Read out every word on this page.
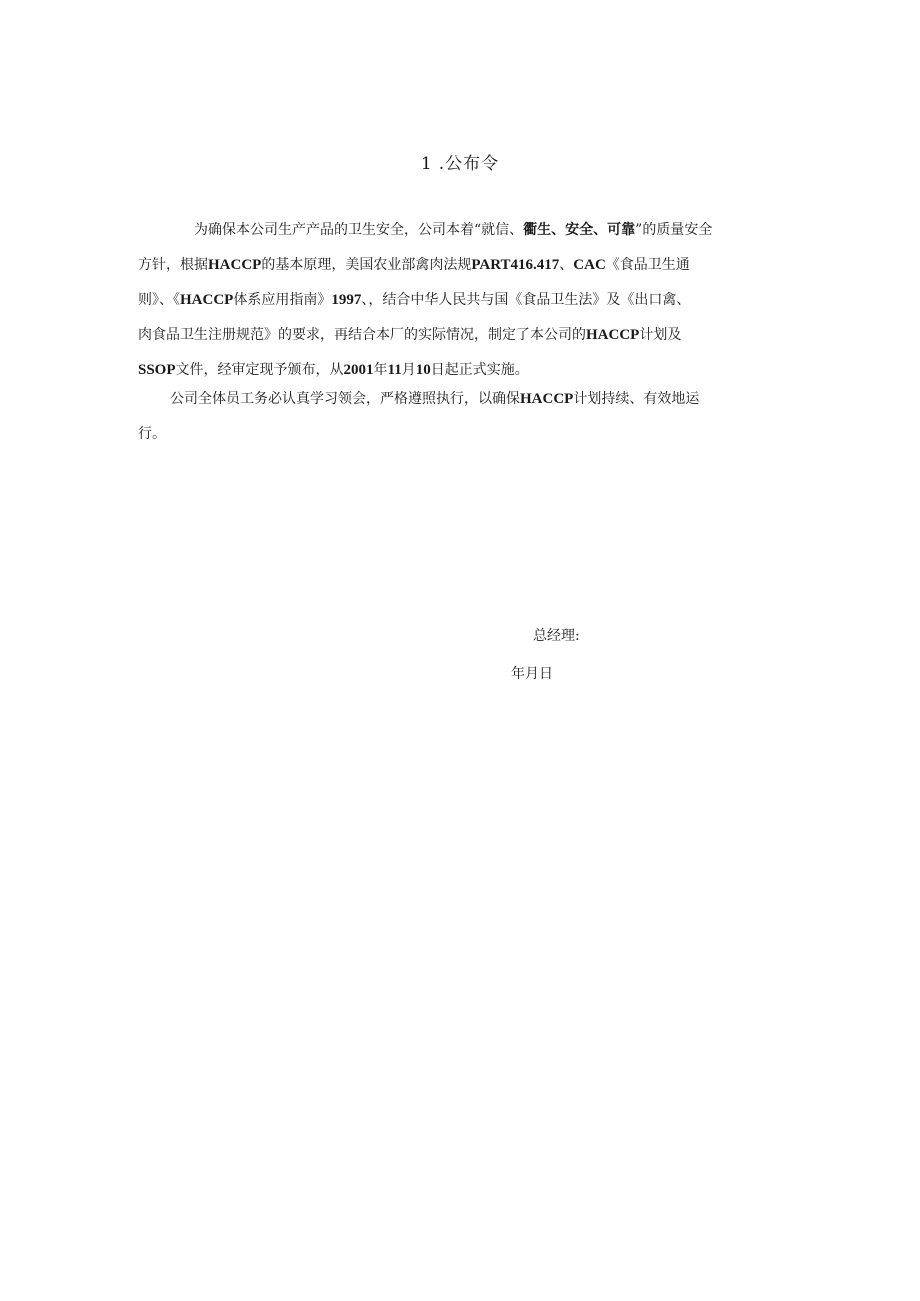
1 .公布令
为确保本公司生产产品的卫生安全，公司本着“就信、衢生、安全、可靠”的质量安全
方针，根据HACCP的基本原理，美国农业部禽肉法规PART416.417、CAC《食品卫生通
则》、《HACCP体系应用指南》1997、，结合中华人民共与国《食品卫生法》及《出口禽、
肉食品卫生注册规范》的要求，再结合本厂的实际情况，制定了本公司的HACCP计划及
SSOP文件，经审定现予颁布，从2001年11月10日起正式实施。
公司全体员工务必认真学习领会，严格遵照执行，以确保HACCP计划持续、有效地运
行。
总经理:
年月日
